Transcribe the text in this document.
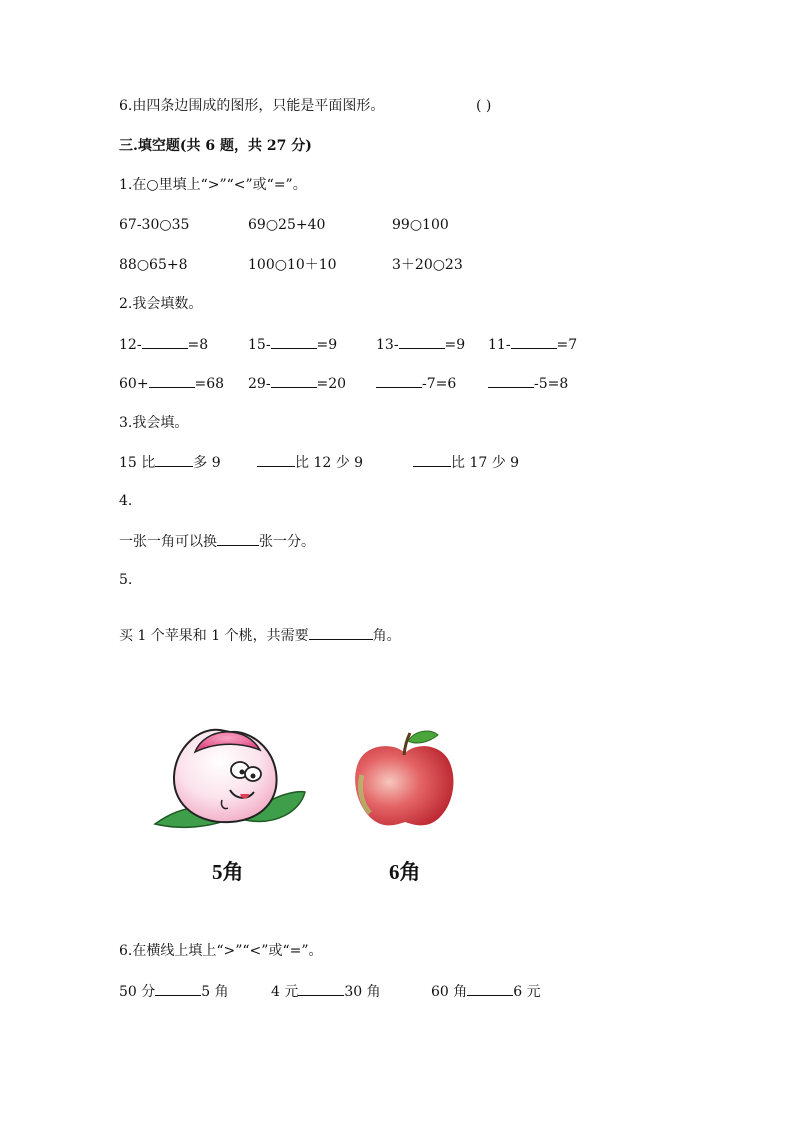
6.由四条边围成的图形，只能是平面图形。	( )
三.填空题(共 6 题，共 27 分)
1.在○里填上“>”“<”或“=”。
67-30○35	69○25+40	99○100
88○65+8	100○10＋10	3＋20○23
2.我会填数。
12-	=8	15-	=9	13-	=9 11-	=7
60+	=68 29-	=20	-7=6	-5=8
3.我会填。
15 比	多 9	比 12 少 9	比 17 少 9
4.
一张一角可以换	张一分。
5.
买 1 个苹果和 1 个桃，共需要	角。
5角	6角
6.在横线上填上“>”“<”或“=”。
50 分	5 角	4 元	30 角	60 角	6 元
